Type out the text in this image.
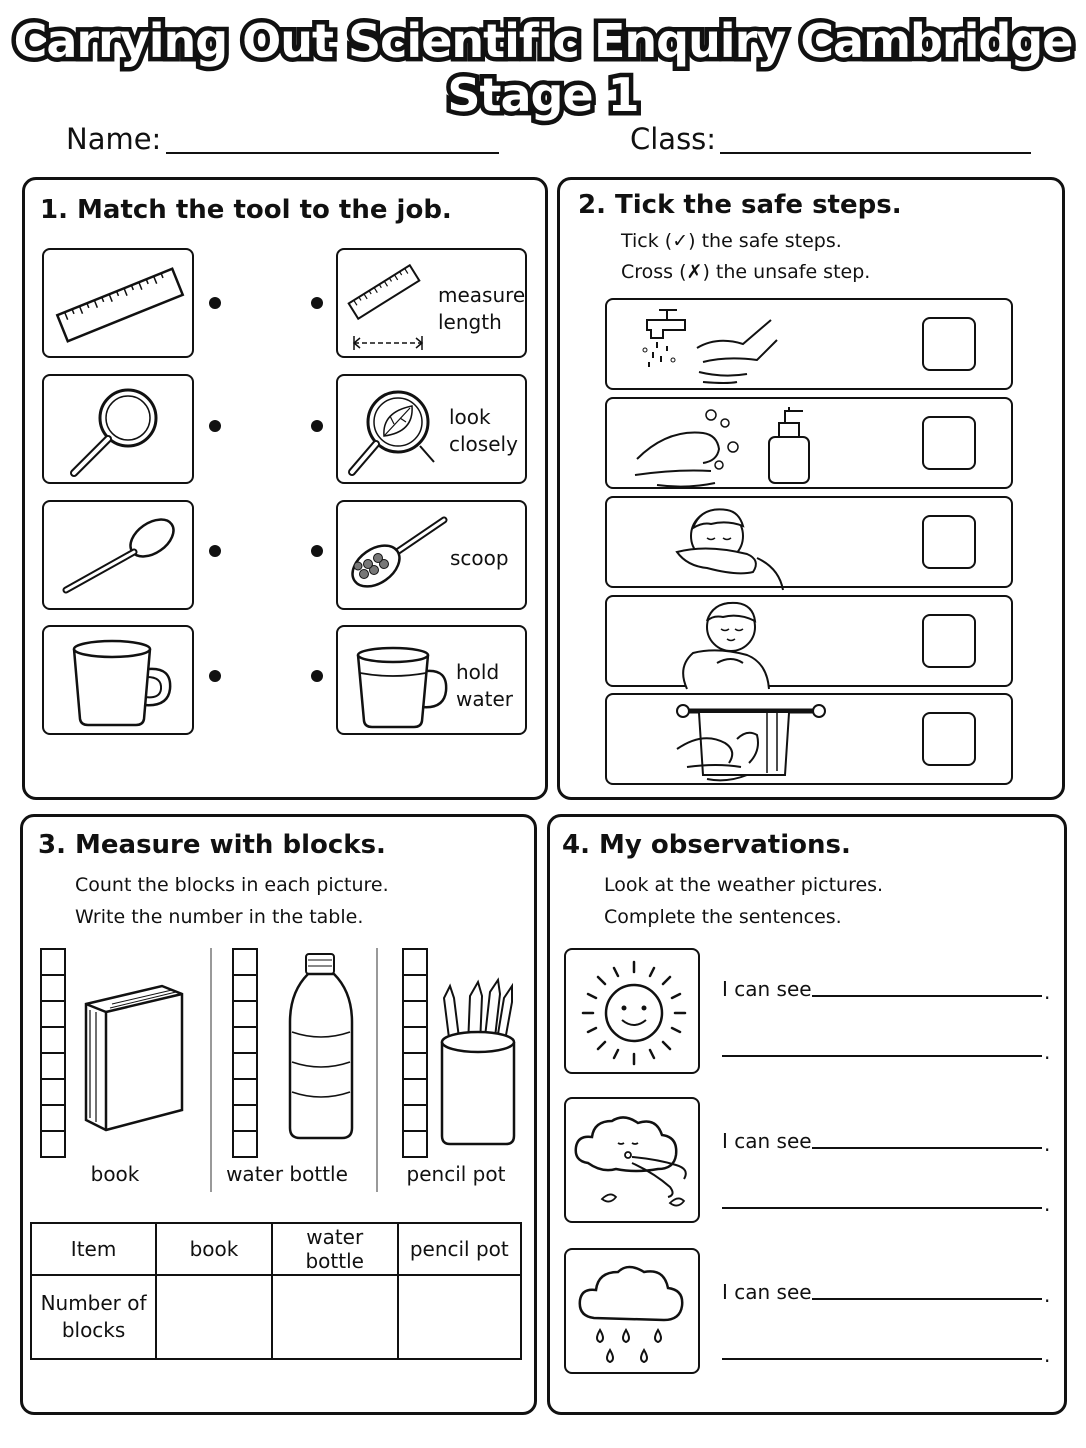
Carrying Out Scientific Enquiry Cambridge Stage 1
Name:	Class:
1. Match the tool to the job.
measure
length
look
closely
scoop
hold
water
2. Tick the safe steps.
Tick (✓) the safe steps.
Cross (✗) the unsafe step.
3. Measure with blocks.
Count the blocks in each picture.
Write the number in the table.
book	water bottle	pencil pot
Item	book	water bottle	pencil pot
Number of
blocks			
4. My observations.
Look at the weather pictures.
Complete the sentences.
I can see	.
.
I can see	.
.
I can see	.
.
